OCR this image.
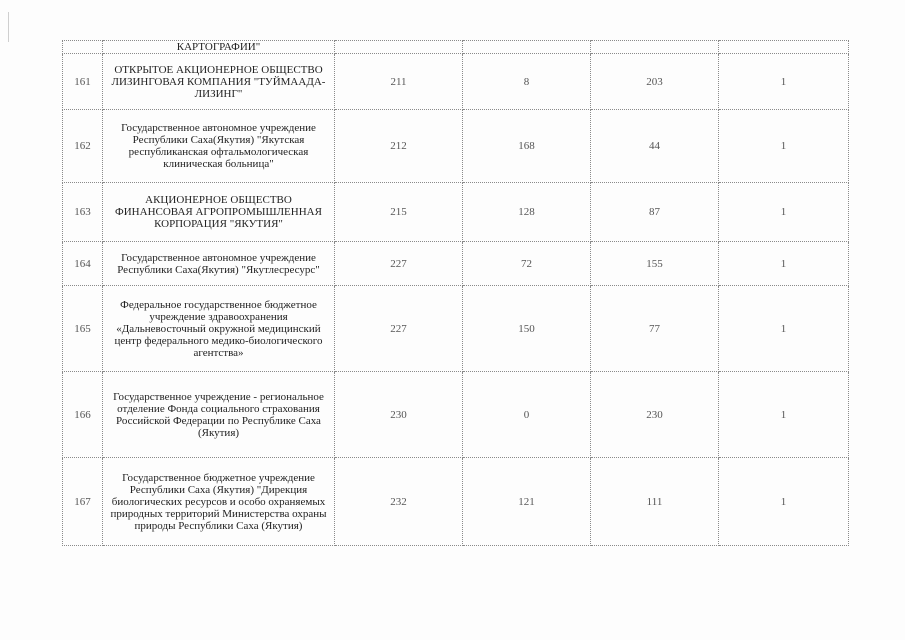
	КАРТОГРАФИИ"				
161	ОТКРЫТОЕ АКЦИОНЕРНОЕ ОБЩЕСТВО ЛИЗИНГОВАЯ КОМПАНИЯ "ТУЙМААДА-ЛИЗИНГ"	211	8	203	1
162	Государственное автономное учреждение Республики Саха(Якутия) "Якутская республиканская офтальмологическая клиническая больница"	212	168	44	1
163	АКЦИОНЕРНОЕ ОБЩЕСТВО ФИНАНСОВАЯ АГРОПРОМЫШЛЕННАЯ КОРПОРАЦИЯ "ЯКУТИЯ"	215	128	87	1
164	Государственное автономное учреждение Республики Саха(Якутия) "Якутлесресурс"	227	72	155	1
165	Федеральное государственное бюджетное учреждение здравоохранения «Дальневосточный окружной медицинский центр федерального медико-биологического агентства»	227	150	77	1
166	Государственное учреждение - региональное отделение Фонда социального страхования Российской Федерации по Республике Саха (Якутия)	230	0	230	1
167	Государственное бюджетное учреждение Республики Саха (Якутия) "Дирекция биологических ресурсов и особо охраняемых природных территорий Министерства охраны природы Республики Саха (Якутия)	232	121	111	1
